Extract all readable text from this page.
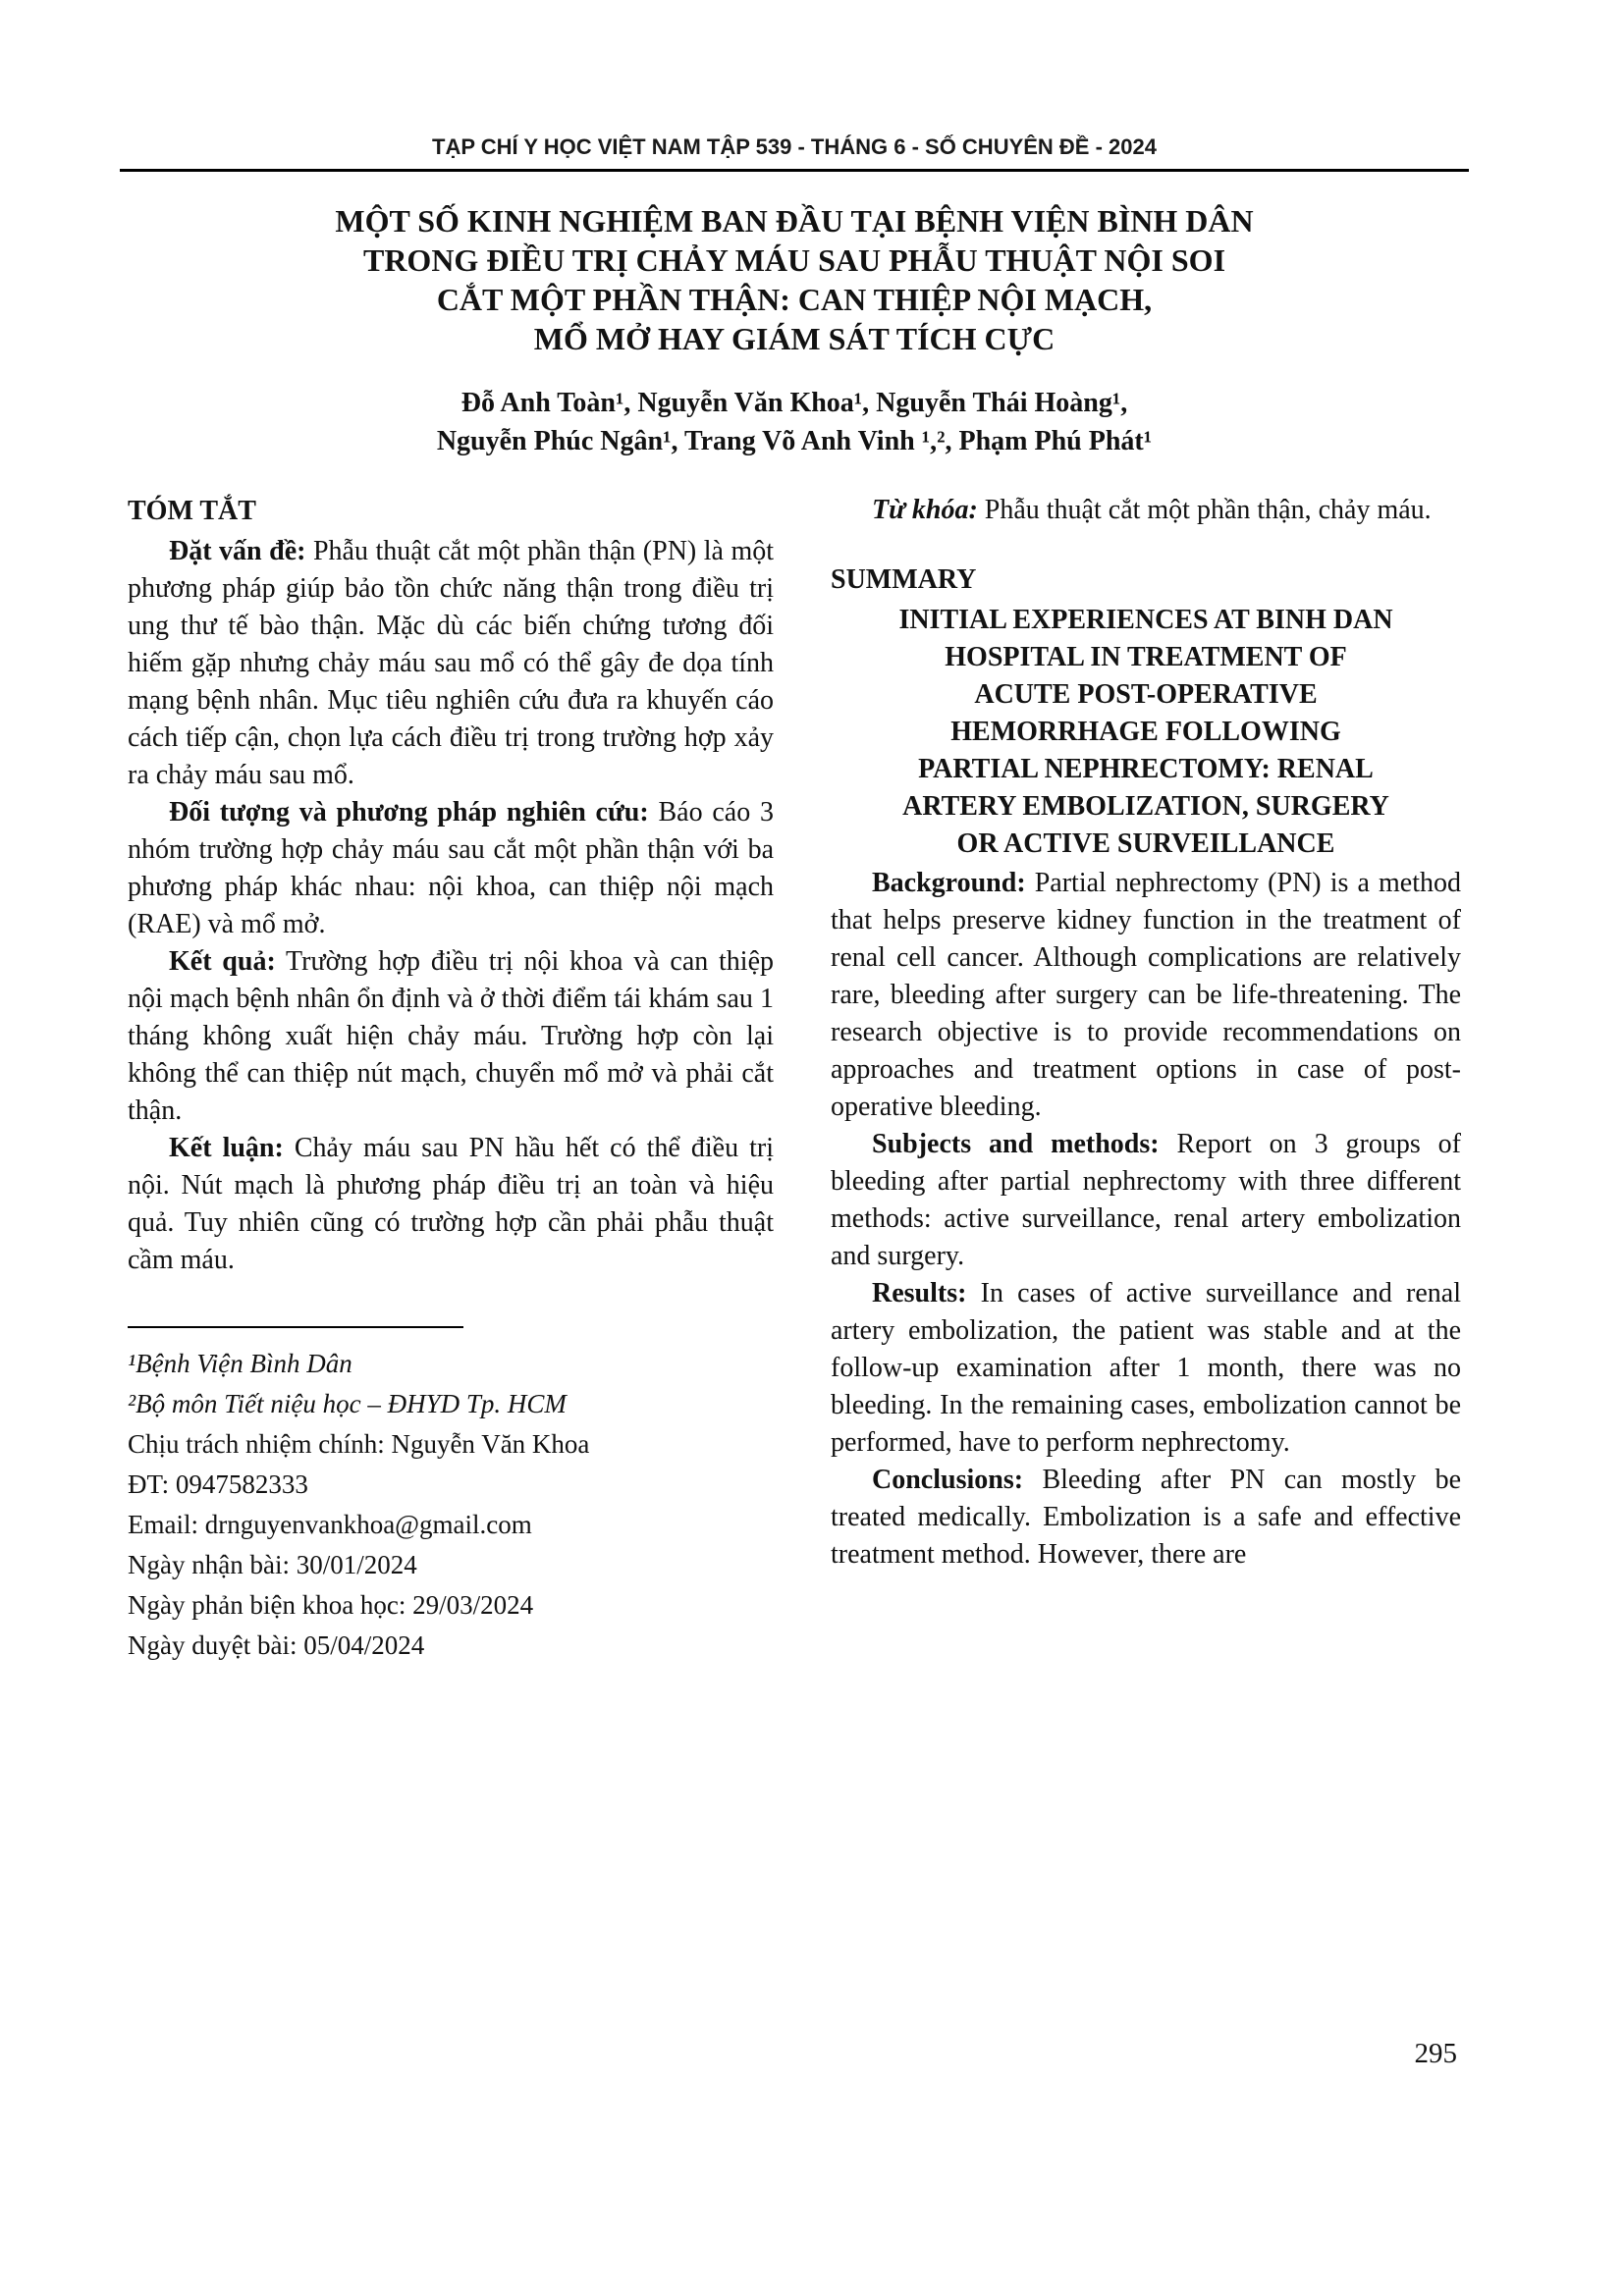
TẠP CHÍ Y HỌC VIỆT NAM TẬP 539 - THÁNG 6 - SỐ CHUYÊN ĐỀ - 2024
MỘT SỐ KINH NGHIỆM BAN ĐẦU TẠI BỆNH VIỆN BÌNH DÂN
TRONG ĐIỀU TRỊ CHẢY MÁU SAU PHẪU THUẬT NỘI SOI
CẮT MỘT PHẦN THẬN: CAN THIỆP NỘI MẠCH,
MỔ MỞ HAY GIÁM SÁT TÍCH CỰC
Đỗ Anh Toàn¹, Nguyễn Văn Khoa¹, Nguyễn Thái Hoàng¹,
Nguyễn Phúc Ngân¹, Trang Võ Anh Vinh ¹,², Phạm Phú Phát¹
TÓM TẮT

Đặt vấn đề: Phẫu thuật cắt một phần thận (PN) là một phương pháp giúp bảo tồn chức năng thận trong điều trị ung thư tế bào thận. Mặc dù các biến chứng tương đối hiếm gặp nhưng chảy máu sau mổ có thể gây đe dọa tính mạng bệnh nhân. Mục tiêu nghiên cứu đưa ra khuyến cáo cách tiếp cận, chọn lựa cách điều trị trong trường hợp xảy ra chảy máu sau mổ.

Đối tượng và phương pháp nghiên cứu: Báo cáo 3 nhóm trường hợp chảy máu sau cắt một phần thận với ba phương pháp khác nhau: nội khoa, can thiệp nội mạch (RAE) và mổ mở.

Kết quả: Trường hợp điều trị nội khoa và can thiệp nội mạch bệnh nhân ổn định và ở thời điểm tái khám sau 1 tháng không xuất hiện chảy máu. Trường hợp còn lại không thể can thiệp nút mạch, chuyển mổ mở và phải cắt thận.

Kết luận: Chảy máu sau PN hầu hết có thể điều trị nội. Nút mạch là phương pháp điều trị an toàn và hiệu quả. Tuy nhiên cũng có trường hợp cần phải phẫu thuật cầm máu.

¹Bệnh Viện Bình Dân
²Bộ môn Tiết niệu học – ĐHYD Tp. HCM
Chịu trách nhiệm chính: Nguyễn Văn Khoa
ĐT: 0947582333
Email: drnguyenvankhoa@gmail.com
Ngày nhận bài: 30/01/2024
Ngày phản biện khoa học: 29/03/2024
Ngày duyệt bài: 05/04/2024

Từ khóa: Phẫu thuật cắt một phần thận, chảy máu.

SUMMARY
INITIAL EXPERIENCES AT BINH DAN
HOSPITAL IN TREATMENT OF
ACUTE POST-OPERATIVE
HEMORRHAGE FOLLOWING
PARTIAL NEPHRECTOMY: RENAL
ARTERY EMBOLIZATION, SURGERY
OR ACTIVE SURVEILLANCE

Background: Partial nephrectomy (PN) is a method that helps preserve kidney function in the treatment of renal cell cancer. Although complications are relatively rare, bleeding after surgery can be life-threatening. The research objective is to provide recommendations on approaches and treatment options in case of post-operative bleeding.

Subjects and methods: Report on 3 groups of bleeding after partial nephrectomy with three different methods: active surveillance, renal artery embolization and surgery.

Results: In cases of active surveillance and renal artery embolization, the patient was stable and at the follow-up examination after 1 month, there was no bleeding. In the remaining cases, embolization cannot be performed, have to perform nephrectomy.

Conclusions: Bleeding after PN can mostly be treated medically. Embolization is a safe and effective treatment method. However, there are

295
